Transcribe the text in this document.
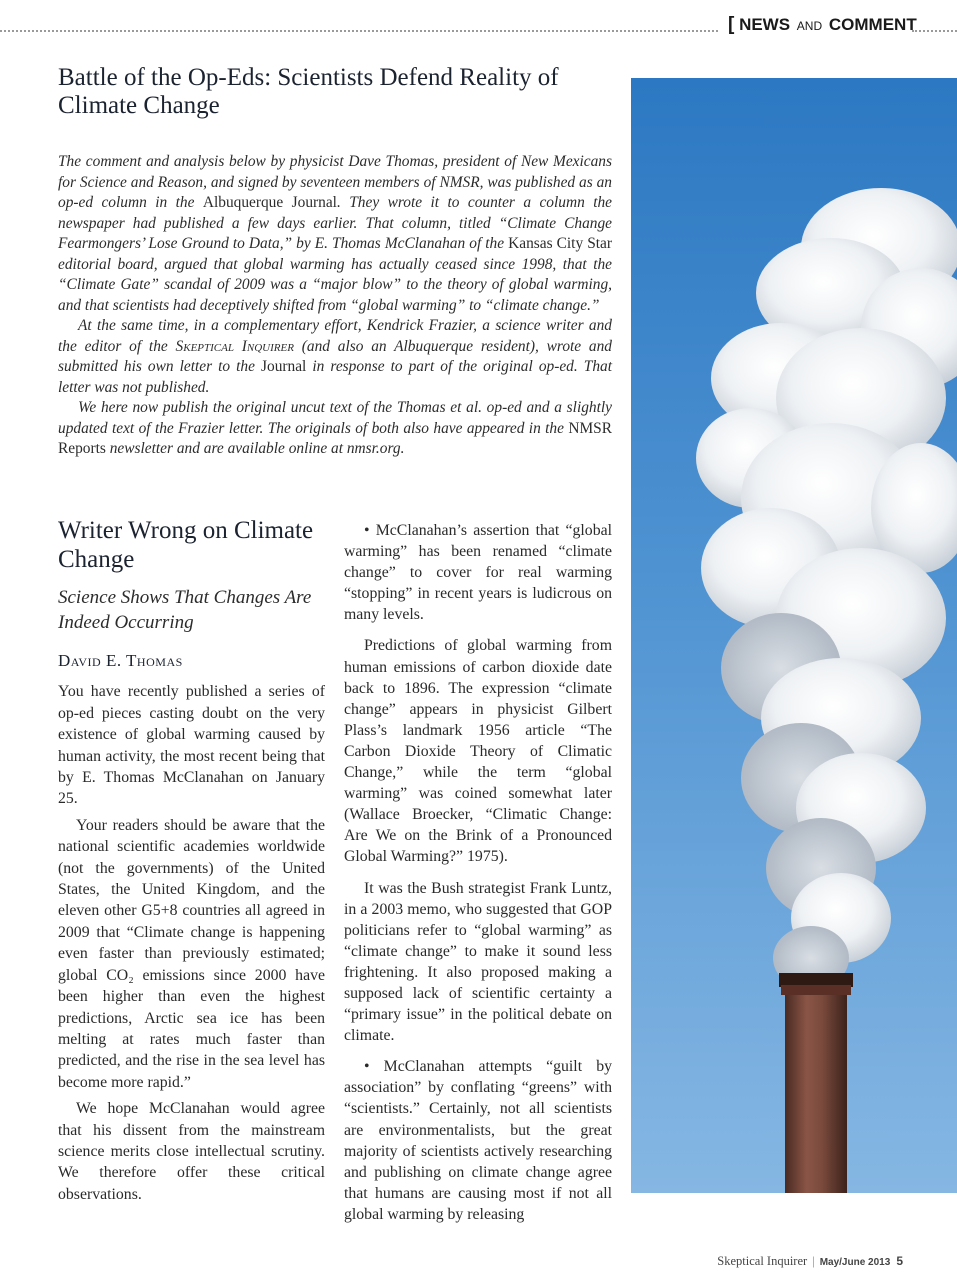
[ NEWS AND COMMENT
Battle of the Op-Eds: Scientists Defend Reality of Climate Change

The comment and analysis below by physicist Dave Thomas, president of New Mexicans for Science and Reason, and signed by seventeen members of NMSR, was published as an op-ed column in the Albuquerque Journal. They wrote it to counter a column the newspaper had published a few days earlier. That column, titled “Climate Change Fearmongers’ Lose Ground to Data,” by E. Thomas McClanahan of the Kansas City Star editorial board, argued that global warming has actually ceased since 1998, that the “Climate Gate” scandal of 2009 was a “major blow” to the theory of global warming, and that scientists had deceptively shifted from “global warming” to “climate change.”

At the same time, in a complementary effort, Kendrick Frazier, a science writer and the editor of the Skeptical Inquirer (and also an Albuquerque resident), wrote and submitted his own letter to the Journal in response to part of the original op-ed. That letter was not published.

We here now publish the original uncut text of the Thomas et al. op-ed and a slightly updated text of the Frazier letter. The originals of both also have appeared in the NMSR Reports newsletter and are available online at nmsr.org.

Writer Wrong on Climate Change
Science Shows That Changes Are Indeed Occurring
David E. Thomas

You have recently published a series of op-ed pieces casting doubt on the very existence of global warming caused by human activity, the most recent being that by E. Thomas McClanahan on January 25.

Your readers should be aware that the national scientific academies worldwide (not the governments) of the United States, the United Kingdom, and the eleven other G5+8 countries all agreed in 2009 that “Climate change is happening even faster than previously estimated; global CO₂ emissions since 2000 have been higher than even the highest predictions, Arctic sea ice has been melting at rates much faster than predicted, and the rise in the sea level has become more rapid.”

We hope McClanahan would agree that his dissent from the mainstream science merits close intellectual scrutiny. We therefore offer these critical observations.

• McClanahan’s assertion that “global warming” has been renamed “climate change” to cover for real warming “stopping” in recent years is ludicrous on many levels.

Predictions of global warming from human emissions of carbon dioxide date back to 1896. The expression “climate change” appears in physicist Gilbert Plass’s landmark 1956 article “The Carbon Dioxide Theory of Climatic Change,” while the term “global warming” was coined somewhat later (Wallace Broecker, “Climatic Change: Are We on the Brink of a Pronounced Global Warming?” 1975).

It was the Bush strategist Frank Luntz, in a 2003 memo, who suggested that GOP politicians refer to “global warming” as “climate change” to make it sound less frightening. It also proposed making a supposed lack of scientific certainty a “primary issue” in the political debate on climate.

• McClanahan attempts “guilt by association” by conflating “greens” with “scientists.” Certainly, not all scientists are environmentalists, but the great majority of scientists actively researching and publishing on climate change agree that humans are causing most if not all global warming by releasing

Skeptical Inquirer | May/June 2013 5
